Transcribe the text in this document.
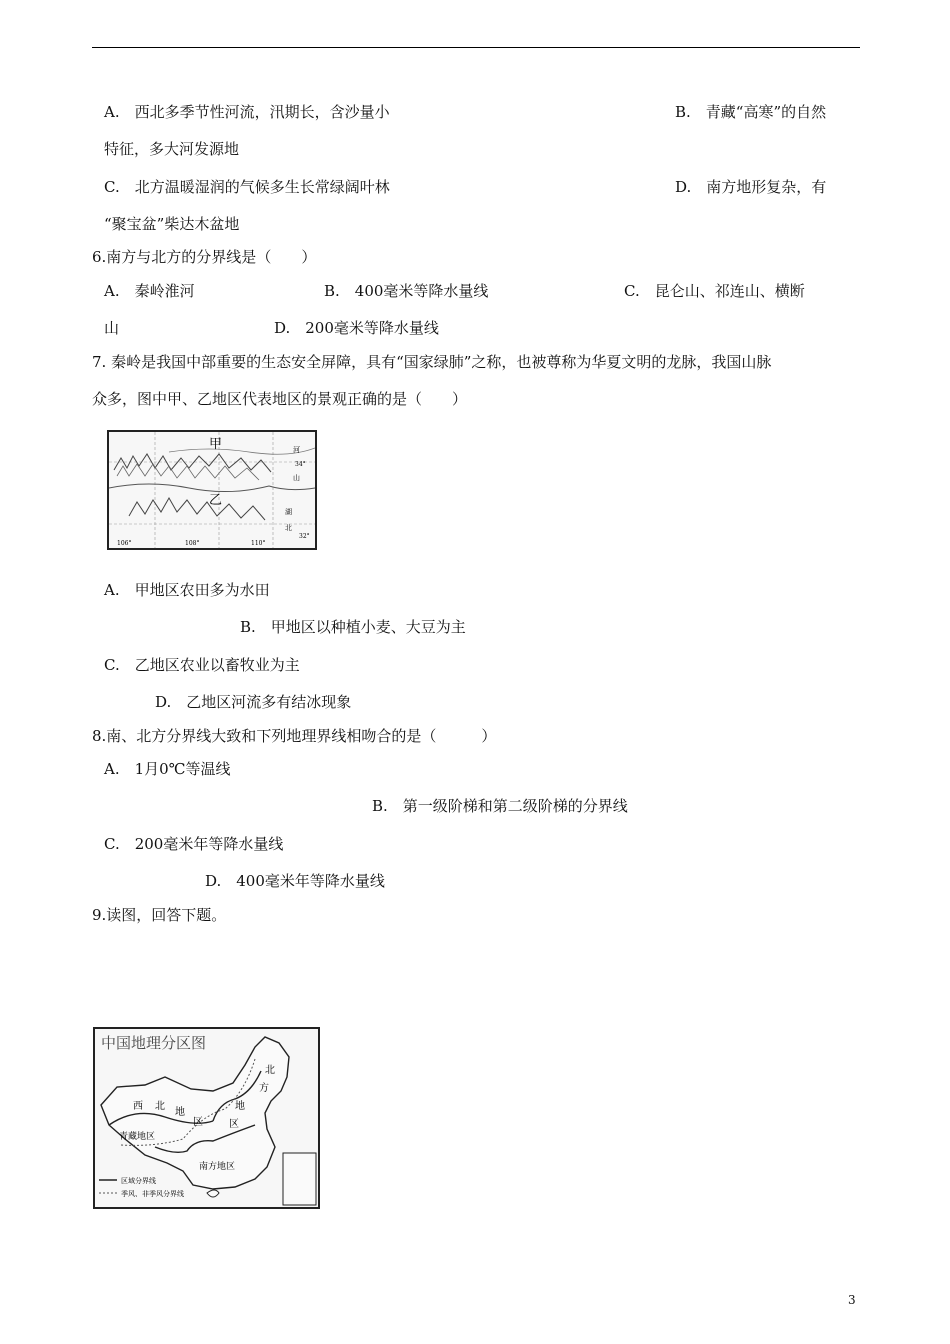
A.　西北多季节性河流，汛期长，含沙量小	B.　青藏“高寒”的自然
特征，多大河发源地
C.　北方温暖湿润的气候多生长常绿阔叶林	D.　南方地形复杂，有
“聚宝盆”柴达木盆地
6.南方与北方的分界线是（　　）
A.　秦岭淮河	B.　400毫米等降水量线	C.　昆仑山、祁连山、横断
山	D.　200毫米等降水量线
7. 秦岭是我国中部重要的生态安全屏障，具有“国家绿肺”之称，也被尊称为华夏文明的龙脉，我国山脉
众多，图中甲、乙地区代表地区的景观正确的是（　　）
甲
乙
河
山
34°
湖
北
32°
106°	108°	110°
A.　甲地区农田多为水田
B.　甲地区以种植小麦、大豆为主
C.　乙地区农业以畜牧业为主
D.　乙地区河流多有结冰现象
8.南、北方分界线大致和下列地理界线相吻合的是（　　　）
A.　1月0℃等温线
B.　第一级阶梯和第二级阶梯的分界线
C.　200毫米年等降水量线
D.　400毫米年等降水量线
9.读图，回答下题。
中国地理分区图
西 北
地
区
北
方
地
区
青藏地区
南方地区
区域分界线
季风、非季风分界线
3
